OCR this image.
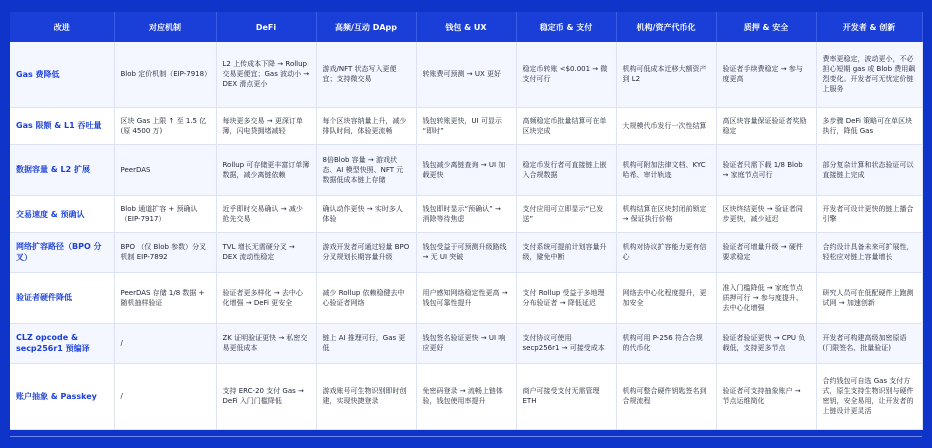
改进	对应机制	DeFi	高频/互动 DApp	钱包 & UX	稳定币 & 支付	机构/资产代币化	质押 & 安全	开发者 & 创新
Gas 费降低	Blob 定价机制（EIP-7918）	L2 上传成本下降 → Rollup 交易更便宜；Gas 波动小 → DEX 滑点更小	游戏/NFT 状态写入更便宜；支持微交易	转账费可预测 → UX 更好	稳定币转账 <$0.001 → 微支付可行	机构可低成本迁移大额资产到 L2	验证者手续费稳定 → 参与度更高	费率更稳定，波动更小，不必担心短期 gas 或 Blob 费用飙烈变化。开发者可无忧定价链上服务
Gas 限额 & L1 吞吐量	区块 Gas 上限 ↑ 至 1.5 亿 (原 4500 万)	每块更多交易 → 更深订单簿，闪电贷拥堵减轻	每个区块容纳量上升，减少排队时间，体验更流畅	钱包转账更快，UI 可显示 “即时”	高频稳定币批量结算可在单区块完成	大规模代币发行一次性结算	高区块容量保证验证者奖励稳定	多步骤 DeFi 策略可在单区块执行，降低 Gas
数据容量 & L2 扩展	PeerDAS	Rollup 可存储更丰富订单簿数据，减少离链依赖	8倍Blob 容量 → 游戏状态、AI 模型快照、NFT 元数据低成本链上存储	钱包减少离链查询 → UI 加载更快	稳定币发行者可直接链上嵌入合规数据	机构可附加法律文档、KYC 哈希、审计轨迹	验证者只需下载 1/8 Blob → 家庭节点可行	部分复杂计算和状态验证可以直接链上完成
交易速度 & 预确认	Blob 通道扩容 + 预确认（EIP-7917）	近乎即时交易确认 → 减少抢先交易	确认动作更快 → 实时多人体验	钱包即时显示“预确认” → 消除等待焦虑	支付应用可立即显示“已发送”	机构结算在区块封闭前锁定 → 保证执行价格	区块终结更快 → 验证者同步更快，减少延迟	开发者可设计更快的链上播合引擎
网络扩容路径（BPO 分叉）	BPO （仅 Blob 参数）分叉机制 EIP-7892	TVL 增长无需硬分叉 → DEX 流动性稳定	游戏开发者可通过轻量 BPO 分叉规划长期容量升级	钱包受益于可预测升级路线 → 无 UI 突破	支付系统可提前计划容量升级，避免中断	机构对协议扩容能力更有信心	验证者可增量升级 → 硬件要求稳定	合约设计具备未来可扩展性，轻松应对链上容量增长
验证者硬件降低	PeerDAS 存储 1/8 数据 + 随机抽样验证	验证者更多样化 → 去中心化增强 → DeFi 更安全	减少 Rollup 依赖稳健去中心验证者网络	用户感知网络稳定性更高 → 钱包可靠性提升	支付 Rollup 受益于多地理分布验证者 → 降低延迟	网络去中心化程度提升，更加安全	准入门槛降低 → 家庭节点质押可行 → 参与度提升、去中心化增强	研究人员可在低配硬件上跑测试网 → 加速创新
CLZ opcode & secp256r1 预编译	/	ZK 证明验证更快 → 私密交易更低成本	链上 AI 推理可行，Gas 更低	钱包签名验证更快 → UI 响应更好	支付协议可使用 secp256r1 → 可接受成本	机构可用 P-256 符合合规的代币化	验证者验证更快 → CPU 负载低，支持更多节点	开发者可构建高级加密原语 (门限签名、批量验证)
账户抽象 & Passkey	/	支持 ERC-20 支付 Gas → DeFi 入门门槛降低	游戏账号可生物识别即时创建，实现快捷登录	免密码登录 → 流畅上链体验，钱包使用率提升	商户可接受支付无需管理 ETH	机构可整合硬件钥匙签名到合规流程	验证者可支持抽象账户 → 节点运维简化	合约钱包可自选 Gas 支付方式，原生支持生物识别与硬件密钥，安全易用，让开发者的上链设计更灵活
